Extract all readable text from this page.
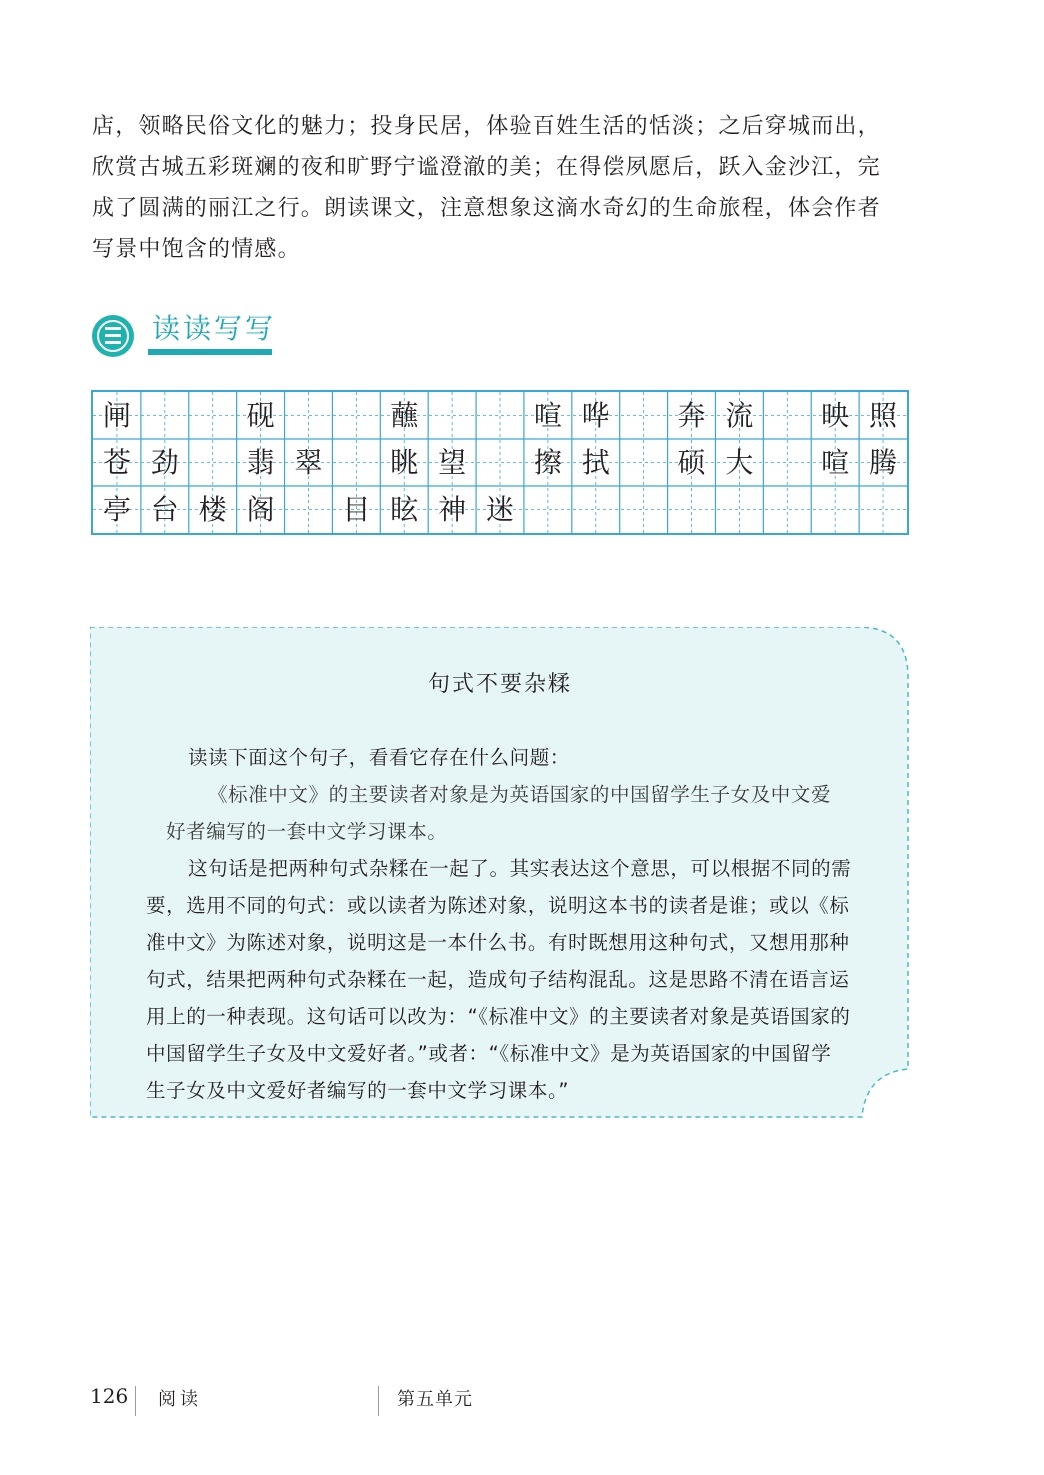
店，领略民俗文化的魅力；投身民居，体验百姓生活的恬淡；之后穿城而出，
欣赏古城五彩斑斓的夜和旷野宁谧澄澈的美；在得偿夙愿后，跃入金沙江，完
成了圆满的丽江之行。朗读课文，注意想象这滴水奇幻的生命旅程，体会作者
写景中饱含的情感。
读读写写
闸	砚	蘸	喧 哗	奔 流	映 照
苍 劲	翡 翠	眺 望	擦 拭	硕 大	喧 腾
亭 台 楼 阁	目 眩 神 迷
句式不要杂糅
读读下面这个句子，看看它存在什么问题：
《标准中文》的主要读者对象是为英语国家的中国留学生子女及中文爱
好者编写的一套中文学习课本。
这句话是把两种句式杂糅在一起了。其实表达这个意思，可以根据不同的需
要，选用不同的句式：或以读者为陈述对象，说明这本书的读者是谁；或以《标
准中文》为陈述对象，说明这是一本什么书。有时既想用这种句式，又想用那种
句式，结果把两种句式杂糅在一起，造成句子结构混乱。这是思路不清在语言运
用上的一种表现。这句话可以改为：“《标准中文》的主要读者对象是英语国家的
中国留学生子女及中文爱好者。”或者：“《标准中文》是为英语国家的中国留学
生子女及中文爱好者编写的一套中文学习课本。”
126 阅读	第五单元
